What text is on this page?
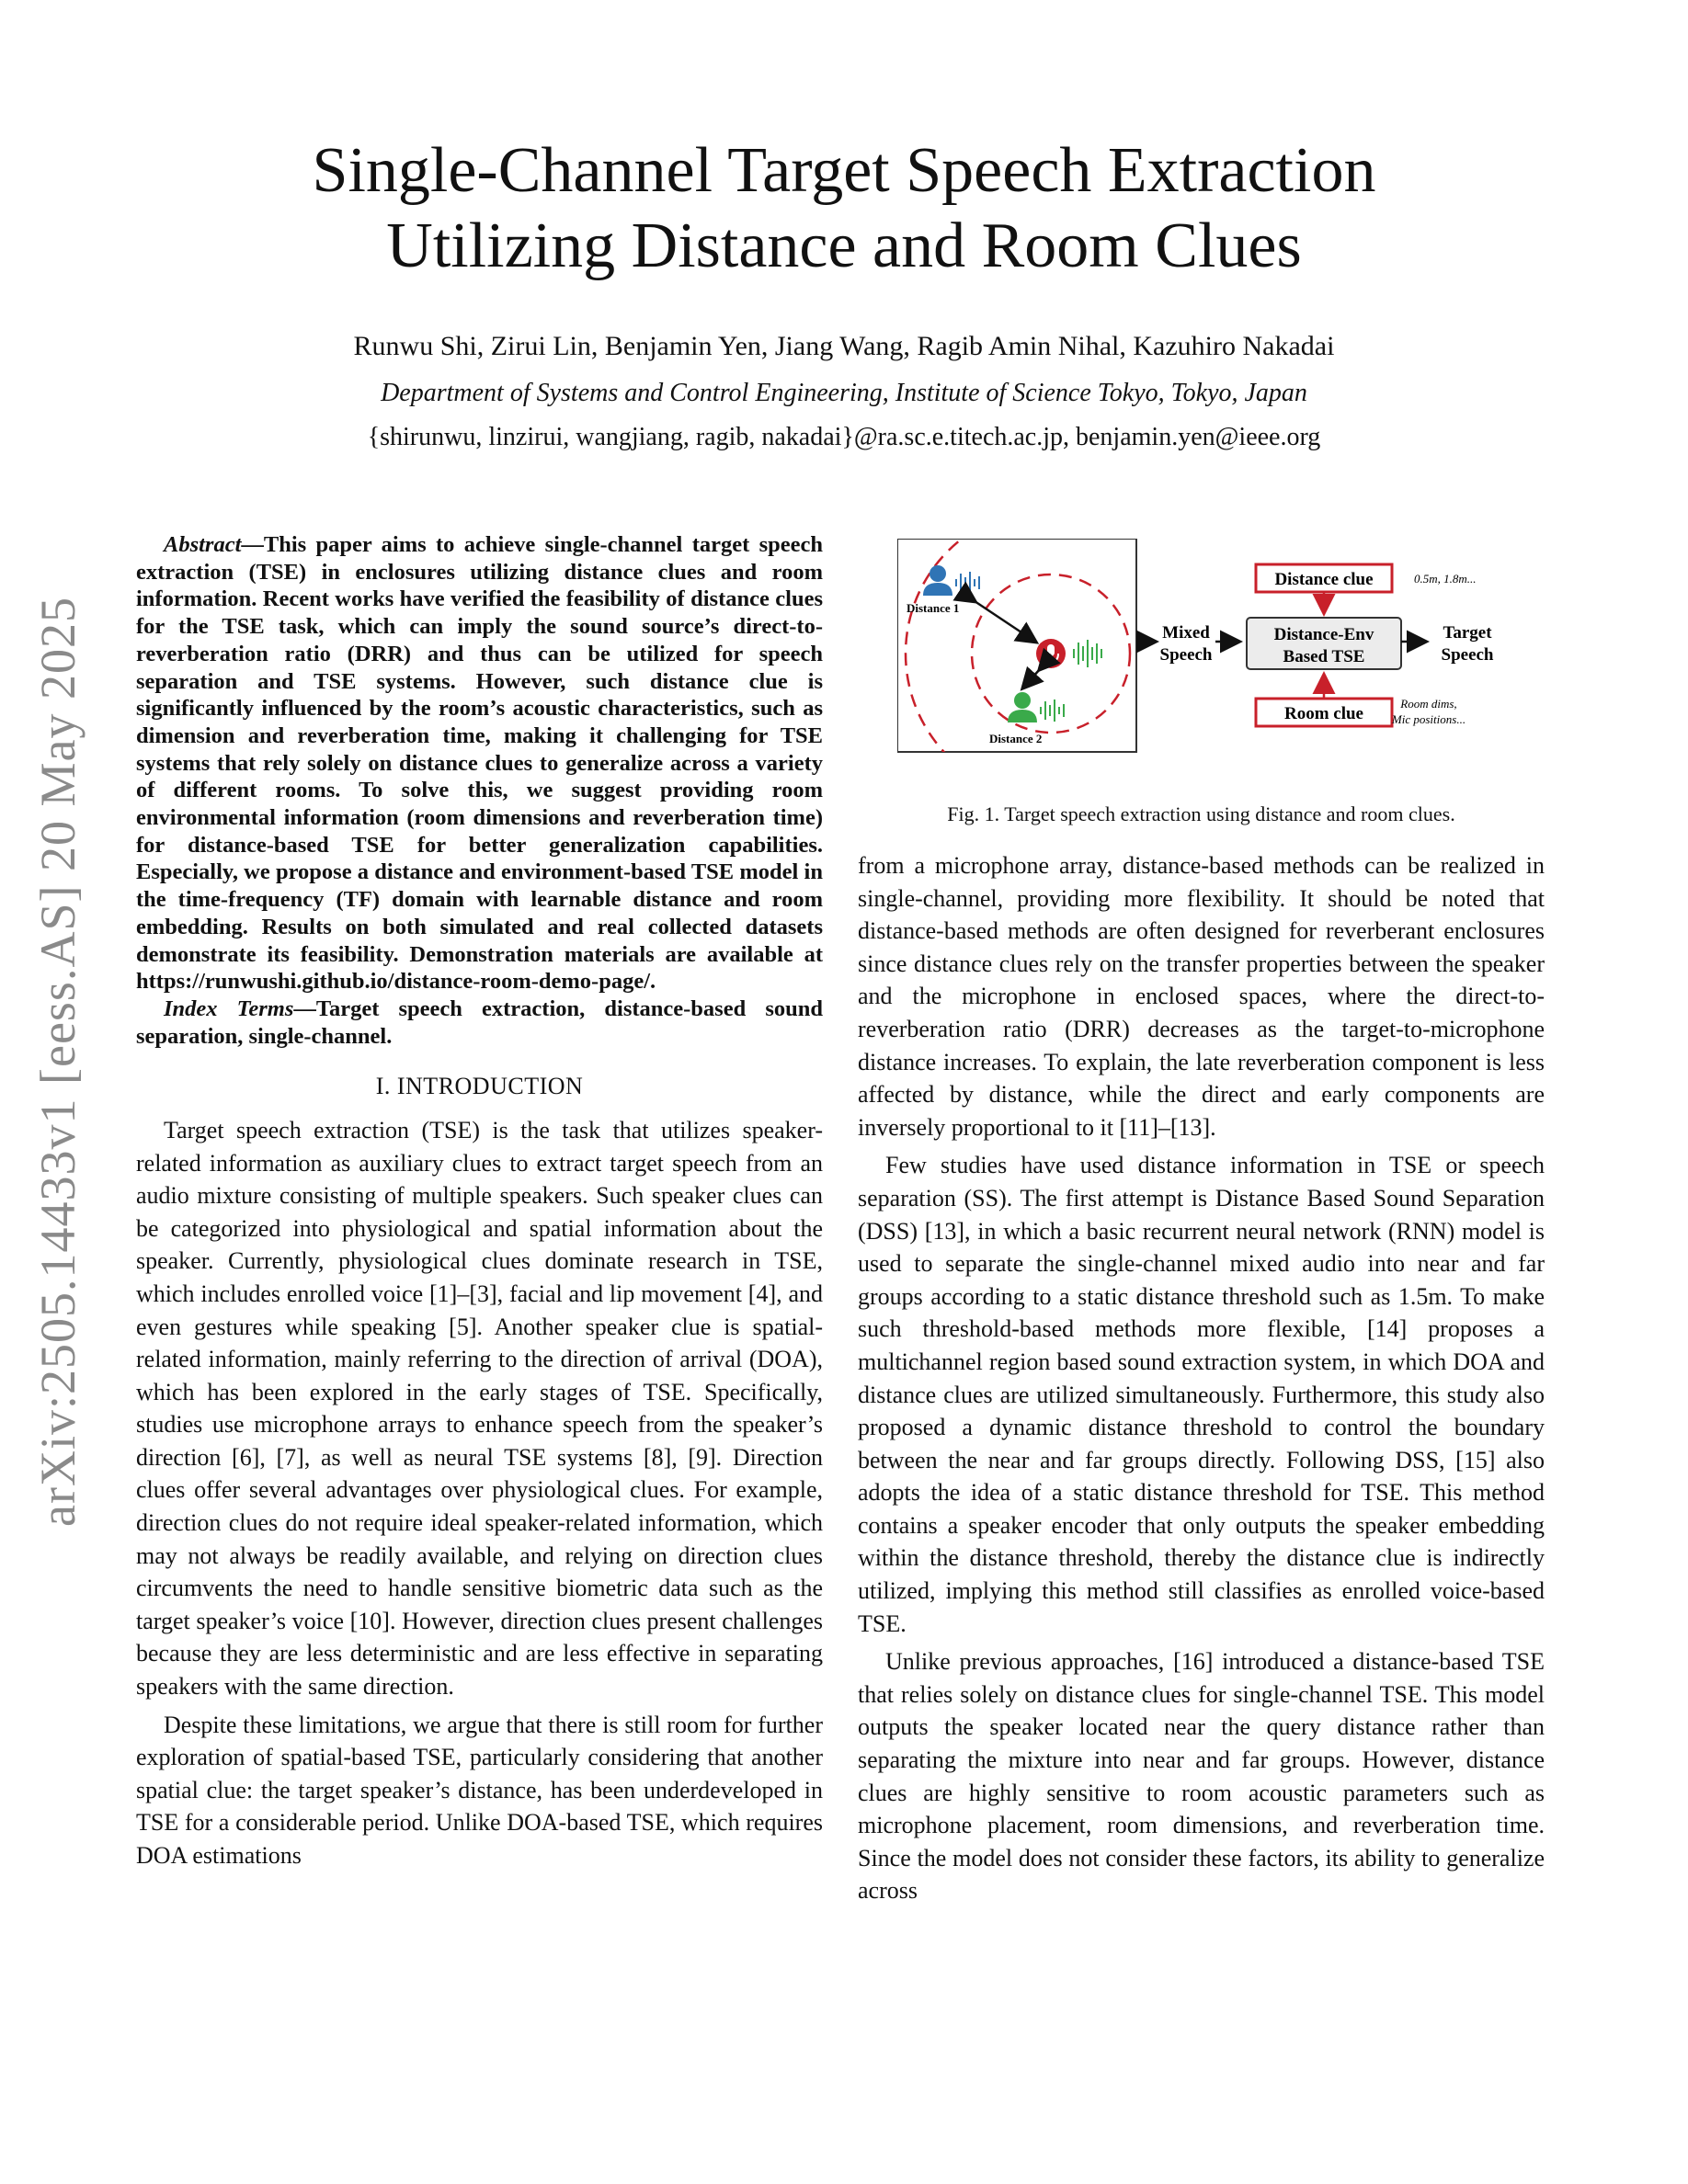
arXiv:2505.14433v1 [eess.AS] 20 May 2025
Single-Channel Target Speech Extraction
Utilizing Distance and Room Clues
Runwu Shi, Zirui Lin, Benjamin Yen, Jiang Wang, Ragib Amin Nihal, Kazuhiro Nakadai
Department of Systems and Control Engineering, Institute of Science Tokyo, Tokyo, Japan
{shirunwu, linzirui, wangjiang, ragib, nakadai}@ra.sc.e.titech.ac.jp, benjamin.yen@ieee.org

Abstract—This paper aims to achieve single-channel target speech extraction (TSE) in enclosures utilizing distance clues and room information. Recent works have verified the feasibility of distance clues for the TSE task, which can imply the sound source’s direct-to-reverberation ratio (DRR) and thus can be utilized for speech separation and TSE systems. However, such distance clue is significantly influenced by the room’s acoustic characteristics, such as dimension and reverberation time, making it challenging for TSE systems that rely solely on distance clues to generalize across a variety of different rooms. To solve this, we suggest providing room environmental information (room dimensions and reverberation time) for distance-based TSE for better generalization capabilities. Especially, we propose a distance and environment-based TSE model in the time-frequency (TF) domain with learnable distance and room embedding. Results on both simulated and real collected datasets demonstrate its feasibility. Demonstration materials are available at https://runwushi.github.io/distance-room-demo-page/.

Index Terms—Target speech extraction, distance-based sound separation, single-channel.

I. INTRODUCTION

Target speech extraction (TSE) is the task that utilizes speaker-related information as auxiliary clues to extract target speech from an audio mixture consisting of multiple speakers. Such speaker clues can be categorized into physiological and spatial information about the speaker. Currently, physiological clues dominate research in TSE, which includes enrolled voice [1]–[3], facial and lip movement [4], and even gestures while speaking [5]. Another speaker clue is spatial-related information, mainly referring to the direction of arrival (DOA), which has been explored in the early stages of TSE. Specifically, studies use microphone arrays to enhance speech from the speaker’s direction [6], [7], as well as neural TSE systems [8], [9]. Direction clues offer several advantages over physiological clues. For example, direction clues do not require ideal speaker-related information, which may not always be readily available, and relying on direction clues circumvents the need to handle sensitive biometric data such as the target speaker’s voice [10]. However, direction clues present challenges because they are less deterministic and are less effective in separating speakers with the same direction.

Despite these limitations, we argue that there is still room for further exploration of spatial-based TSE, particularly considering that another spatial clue: the target speaker’s distance, has been underdeveloped in TSE for a considerable period. Unlike DOA-based TSE, which requires DOA estimations

Distance 1
Distance 2
Mixed
Speech
Distance clue	0.5m, 1.8m...
Distance-Env
Based TSE
Room clue
Room dims,
Mic positions...
Target
Speech
Fig. 1. Target speech extraction using distance and room clues.

from a microphone array, distance-based methods can be realized in single-channel, providing more flexibility. It should be noted that distance-based methods are often designed for reverberant enclosures since distance clues rely on the transfer properties between the speaker and the microphone in enclosed spaces, where the direct-to-reverberation ratio (DRR) decreases as the target-to-microphone distance increases. To explain, the late reverberation component is less affected by distance, while the direct and early components are inversely proportional to it [11]–[13].

Few studies have used distance information in TSE or speech separation (SS). The first attempt is Distance Based Sound Separation (DSS) [13], in which a basic recurrent neural network (RNN) model is used to separate the single-channel mixed audio into near and far groups according to a static distance threshold such as 1.5m. To make such threshold-based methods more flexible, [14] proposes a multichannel region based sound extraction system, in which DOA and distance clues are utilized simultaneously. Furthermore, this study also proposed a dynamic distance threshold to control the boundary between the near and far groups directly. Following DSS, [15] also adopts the idea of a static distance threshold for TSE. This method contains a speaker encoder that only outputs the speaker embedding within the distance threshold, thereby the distance clue is indirectly utilized, implying this method still classifies as enrolled voice-based TSE.

Unlike previous approaches, [16] introduced a distance-based TSE that relies solely on distance clues for single-channel TSE. This model outputs the speaker located near the query distance rather than separating the mixture into near and far groups. However, distance clues are highly sensitive to room acoustic parameters such as microphone placement, room dimensions, and reverberation time. Since the model does not consider these factors, its ability to generalize across
